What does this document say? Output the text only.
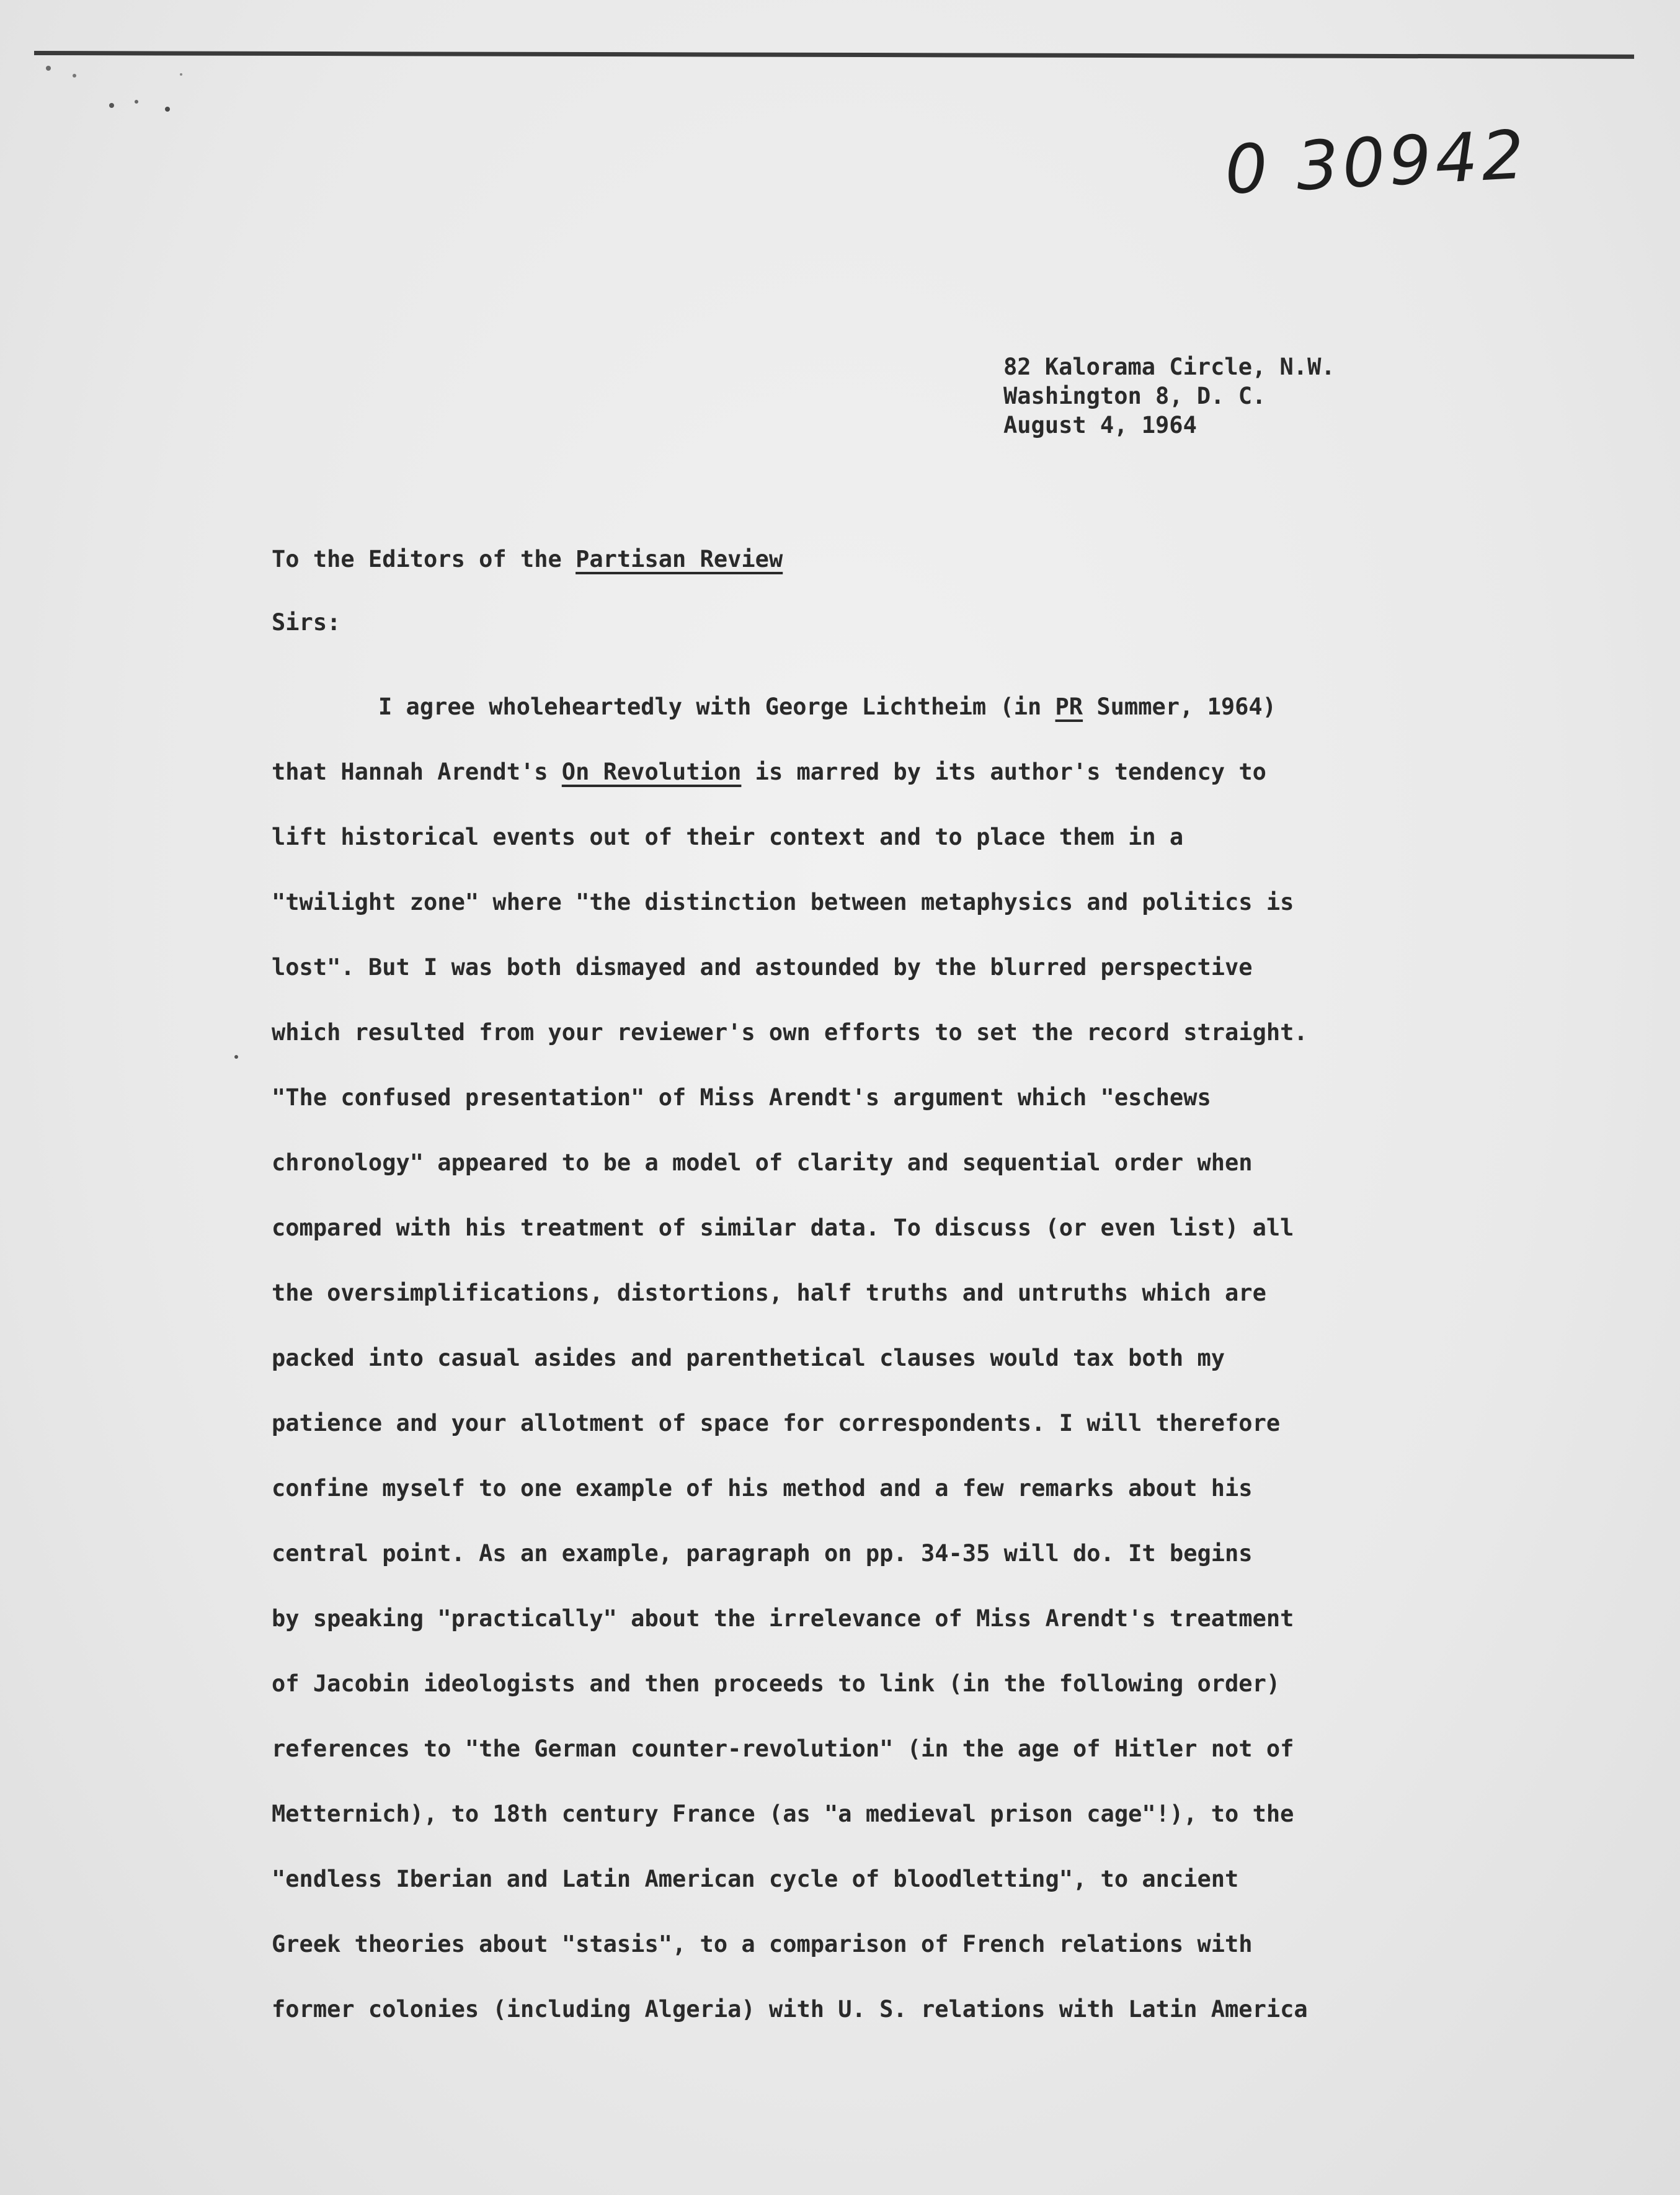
0 30942
82 Kalorama Circle, N.W.
Washington 8, D. C.
August 4, 1964
To the Editors of the Partisan Review
Sirs:
I agree wholeheartedly with George Lichtheim (in PR Summer, 1964)
that Hannah Arendt's On Revolution is marred by its author's tendency to
lift historical events out of their context and to place them in a
"twilight zone" where "the distinction between metaphysics and politics is
lost". But I was both dismayed and astounded by the blurred perspective
which resulted from your reviewer's own efforts to set the record straight.
"The confused presentation" of Miss Arendt's argument which "eschews
chronology" appeared to be a model of clarity and sequential order when
compared with his treatment of similar data. To discuss (or even list) all
the oversimplifications, distortions, half truths and untruths which are
packed into casual asides and parenthetical clauses would tax both my
patience and your allotment of space for correspondents. I will therefore
confine myself to one example of his method and a few remarks about his
central point. As an example, paragraph on pp. 34-35 will do. It begins
by speaking "practically" about the irrelevance of Miss Arendt's treatment
of Jacobin ideologists and then proceeds to link (in the following order)
references to "the German counter-revolution" (in the age of Hitler not of
Metternich), to 18th century France (as "a medieval prison cage"!), to the
"endless Iberian and Latin American cycle of bloodletting", to ancient
Greek theories about "stasis", to a comparison of French relations with
former colonies (including Algeria) with U. S. relations with Latin America
